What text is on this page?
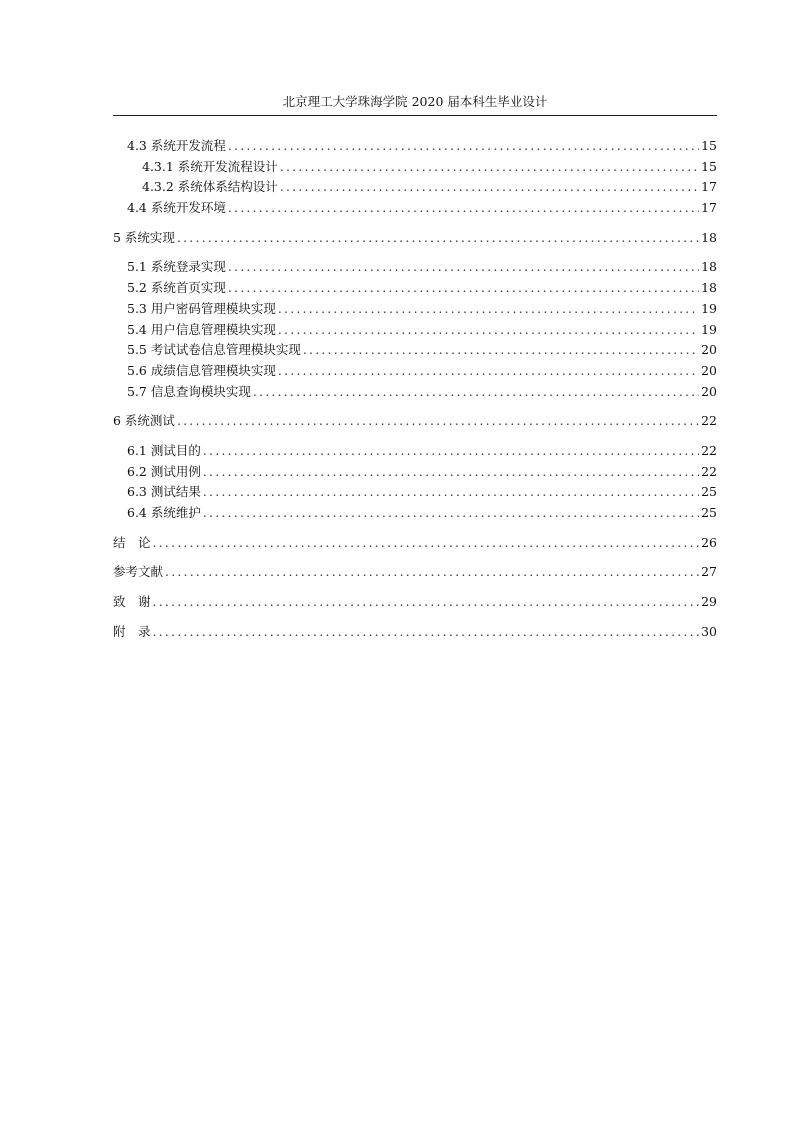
北京理工大学珠海学院 2020 届本科生毕业设计
4.3 系统开发流程 .....	15
4.3.1 系统开发流程设计 .....	15
4.3.2 系统体系结构设计 .....	17
4.4 系统开发环境 .....	17
5 系统实现 .....	18
5.1 系统登录实现 .....	18
5.2 系统首页实现 .....	18
5.3 用户密码管理模块实现 .....	19
5.4 用户信息管理模块实现 .....	19
5.5 考试试卷信息管理模块实现 .....	20
5.6 成绩信息管理模块实现 .....	20
5.7 信息查询模块实现 .....	20
6 系统测试 .....	22
6.1 测试目的 .....	22
6.2 测试用例 .....	22
6.3 测试结果 .....	25
6.4 系统维护 .....	25
结　论 .....	26
参考文献 .....	27
致　谢 .....	29
附　录 .....	30
